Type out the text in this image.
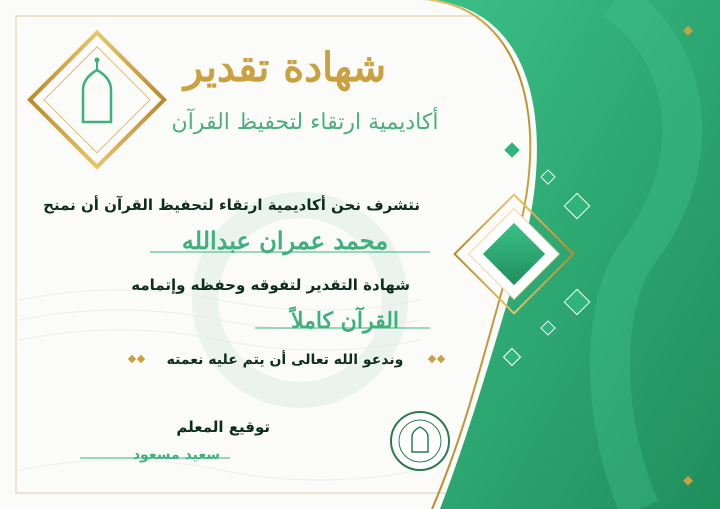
شهادة تقدير
أكاديمية ارتقاء لتحفيظ القرآن
نتشرف نحن أكاديمية ارتقاء لتحفيظ القرآن أن نمنح
محمد عمران عبدالله
شهادة التقدير لتفوقه وحفظه وإتمامه
القرآن كاملاً
وندعو الله تعالى أن يتم عليه نعمته
توقيع المعلم
سعيد مسعود
